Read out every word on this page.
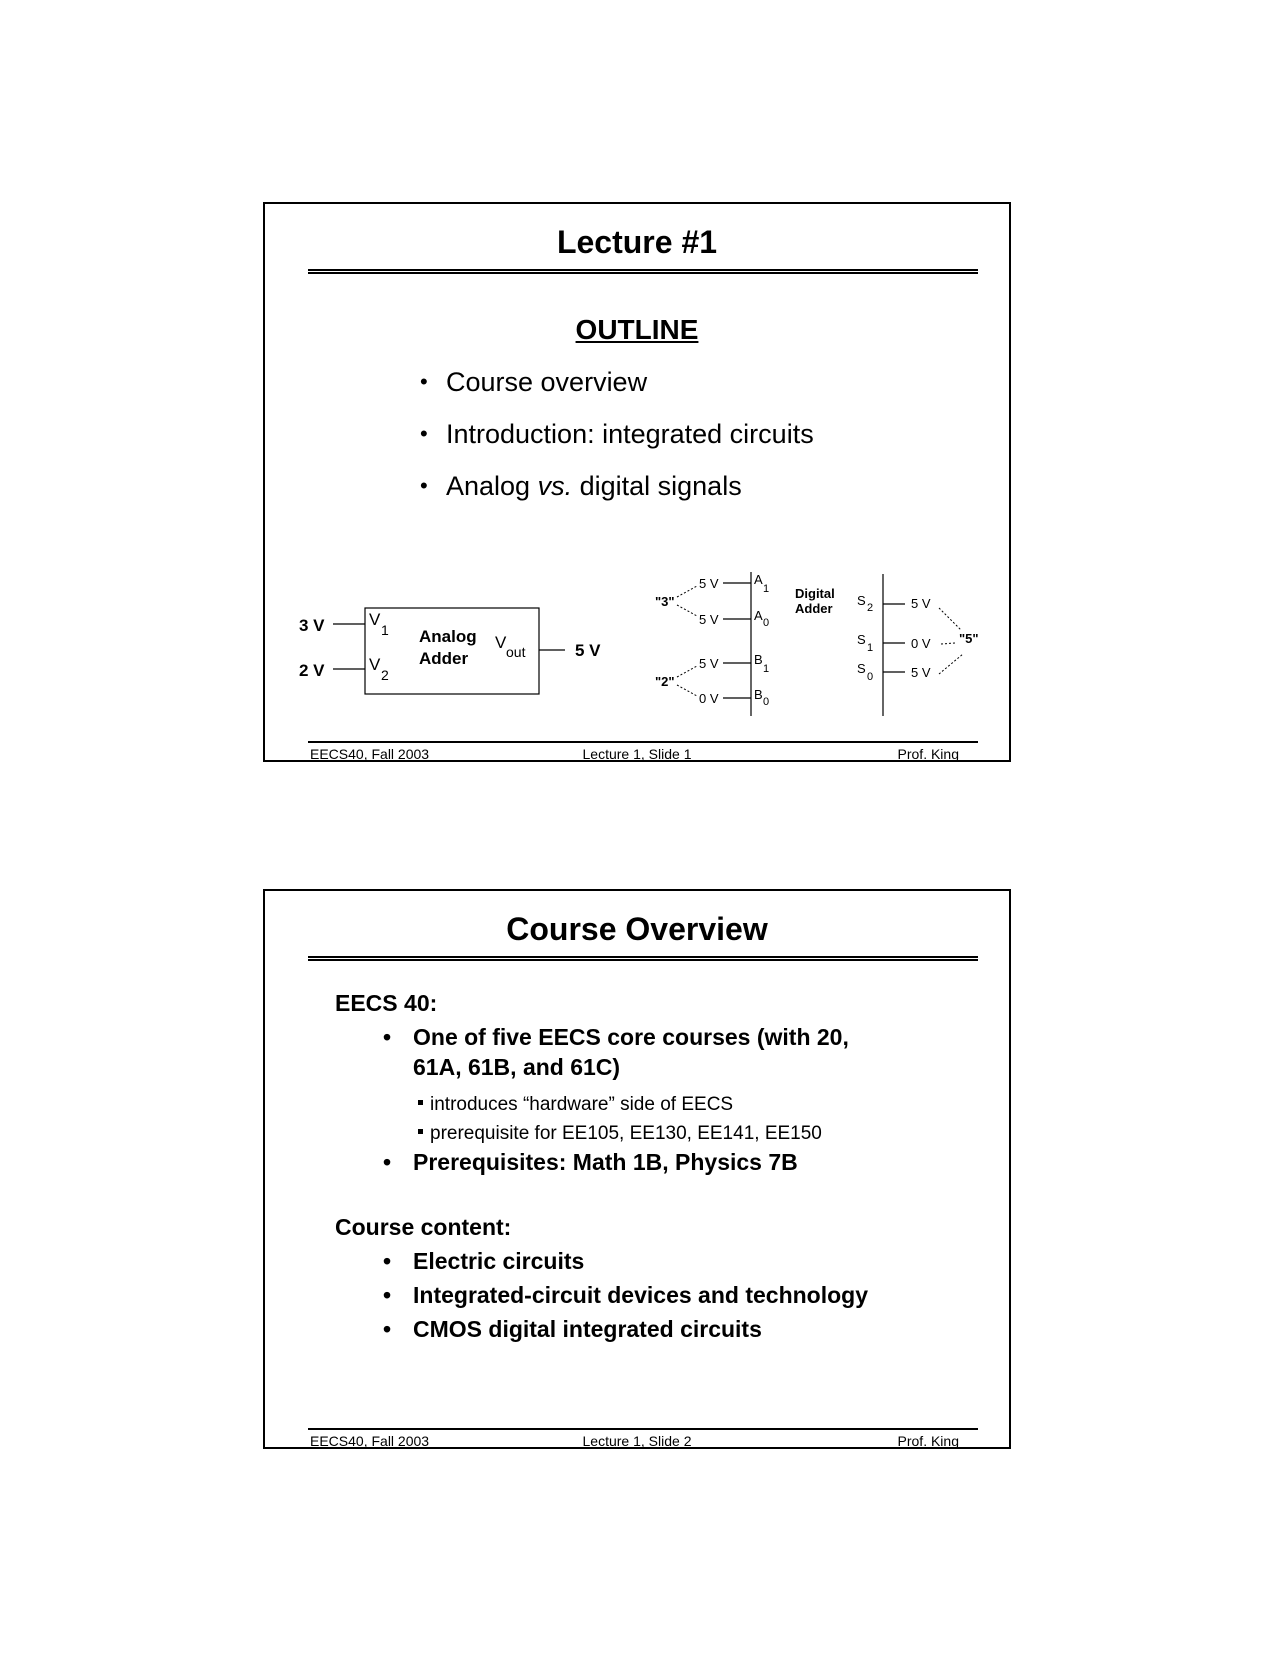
Lecture #1
OUTLINE
• Course overview
• Introduction: integrated circuits
• Analog vs. digital signals
3 V
2 V
V
1
V
2
Analog
Adder
V out	5 V
"3"
"2"
5 V
5 V
5 V
0 V
A
1
A 0
B
1
B 0
Digital
Adder
S 2
S
1
S
0
5 V
0 V
5 V
"5"
EECS40, Fall 2003	Lecture 1, Slide 1	Prof. King
Course Overview
EECS 40:
• One of five EECS core courses (with 20,
61A, 61B, and 61C)
introduces “hardware” side of EECS
prerequisite for EE105, EE130, EE141, EE150
• Prerequisites: Math 1B, Physics 7B
Course content:
• Electric circuits
• Integrated-circuit devices and technology
• CMOS digital integrated circuits
EECS40, Fall 2003	Lecture 1, Slide 2	Prof. King
